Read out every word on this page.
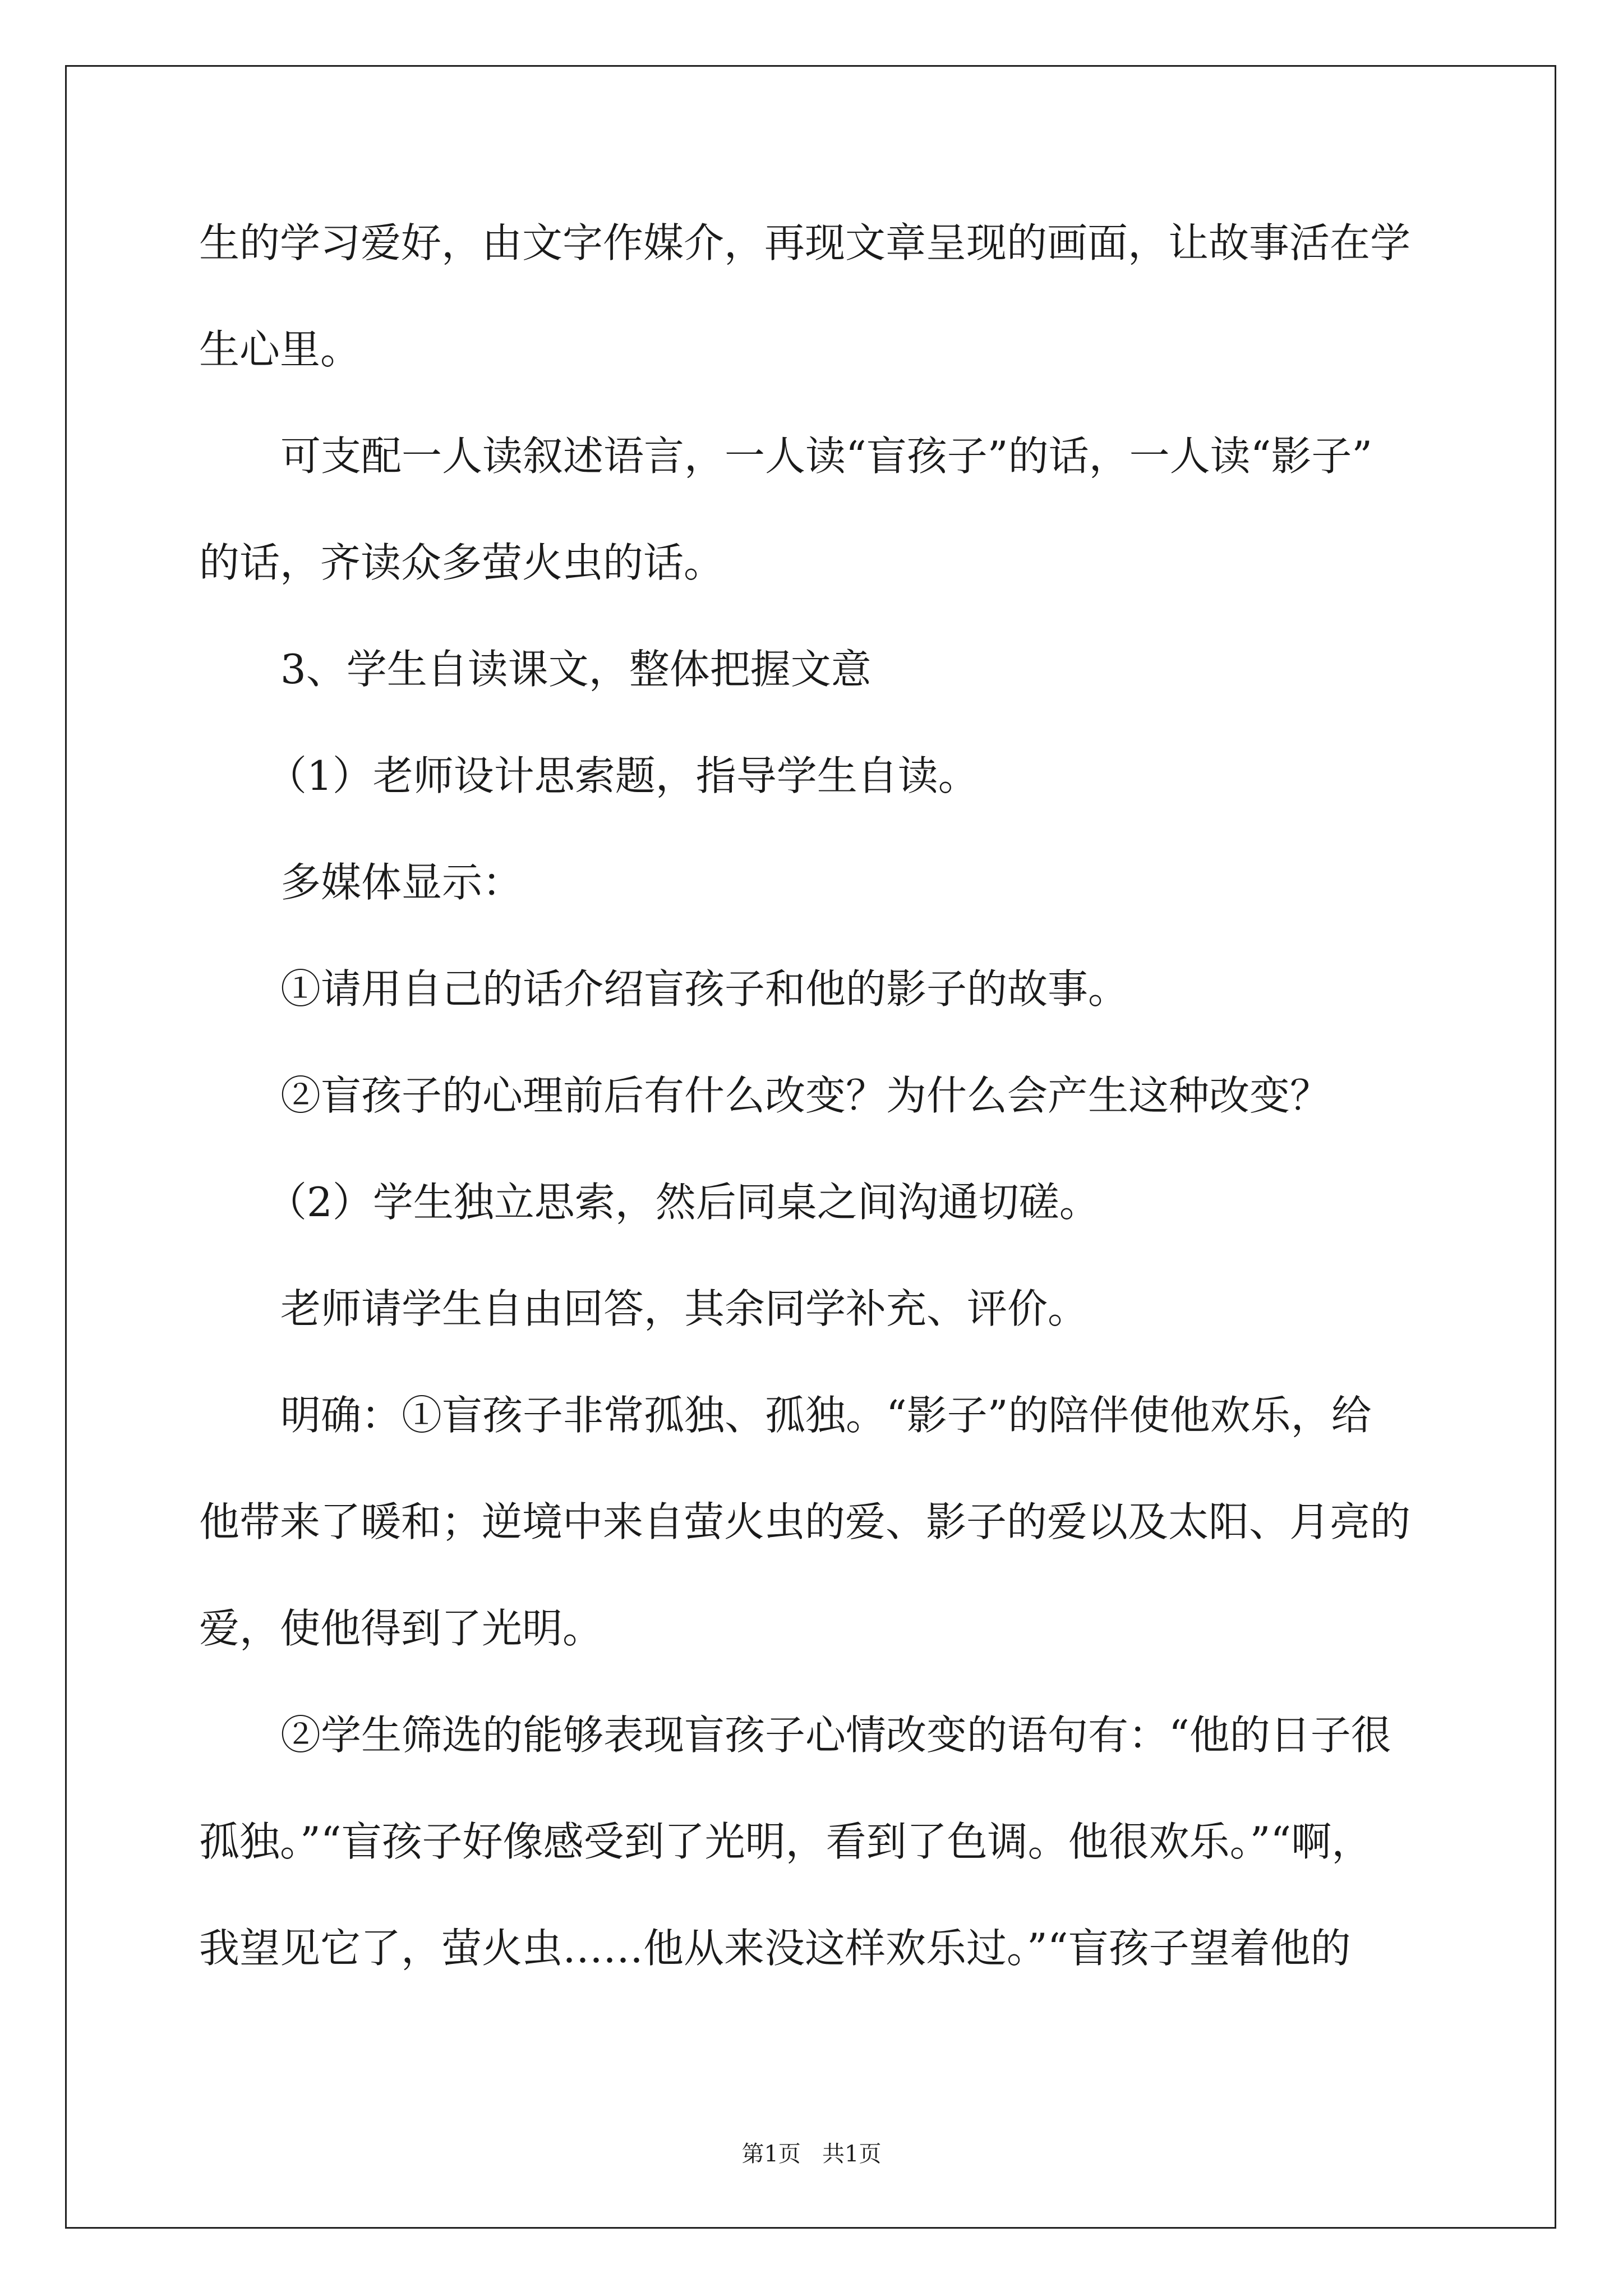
生的学习爱好，由文字作媒介，再现文章呈现的画面，让故事活在学
生心里。
可支配一人读叙述语言，一人读“盲孩子”的话，一人读“影子”
的话，齐读众多萤火虫的话。
3、学生自读课文，整体把握文意
（1）老师设计思索题，指导学生自读。
多媒体显示：
①请用自己的话介绍盲孩子和他的影子的故事。
②盲孩子的心理前后有什么改变？为什么会产生这种改变？
（2）学生独立思索，然后同桌之间沟通切磋。
老师请学生自由回答，其余同学补充、评价。
明确：①盲孩子非常孤独、孤独。“影子”的陪伴使他欢乐，给
他带来了暖和；逆境中来自萤火虫的爱、影子的爱以及太阳、月亮的
爱，使他得到了光明。
②学生筛选的能够表现盲孩子心情改变的语句有：“他的日子很
孤独。”“盲孩子好像感受到了光明，看到了色调。他很欢乐。”“啊，
我望见它了，萤火虫……他从来没这样欢乐过。”“盲孩子望着他的
第1页   共1页
